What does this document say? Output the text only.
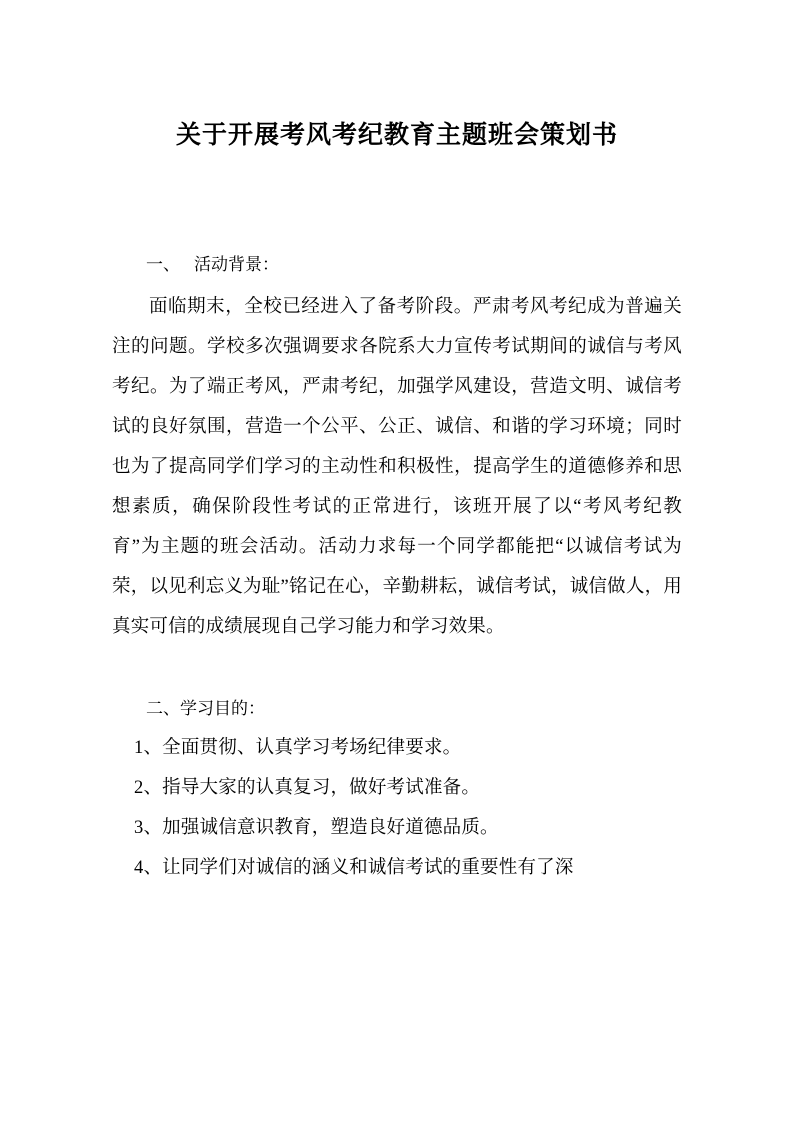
关于开展考风考纪教育主题班会策划书
一、 活动背景：
面临期末，全校已经进入了备考阶段。严肃考风考纪成为普遍关注的问题。学校多次强调要求各院系大力宣传考试期间的诚信与考风考纪。为了端正考风，严肃考纪，加强学风建设，营造文明、诚信考试的良好氛围，营造一个公平、公正、诚信、和谐的学习环境；同时也为了提高同学们学习的主动性和积极性，提高学生的道德修养和思想素质，确保阶段性考试的正常进行，该班开展了以“考风考纪教育”为主题的班会活动。活动力求每一个同学都能把“以诚信考试为荣，以见利忘义为耻”铭记在心，辛勤耕耘，诚信考试，诚信做人，用真实可信的成绩展现自己学习能力和学习效果。
二、学习目的：
1、全面贯彻、认真学习考场纪律要求。
2、指导大家的认真复习，做好考试准备。
3、加强诚信意识教育，塑造良好道德品质。
4、让同学们对诚信的涵义和诚信考试的重要性有了深
